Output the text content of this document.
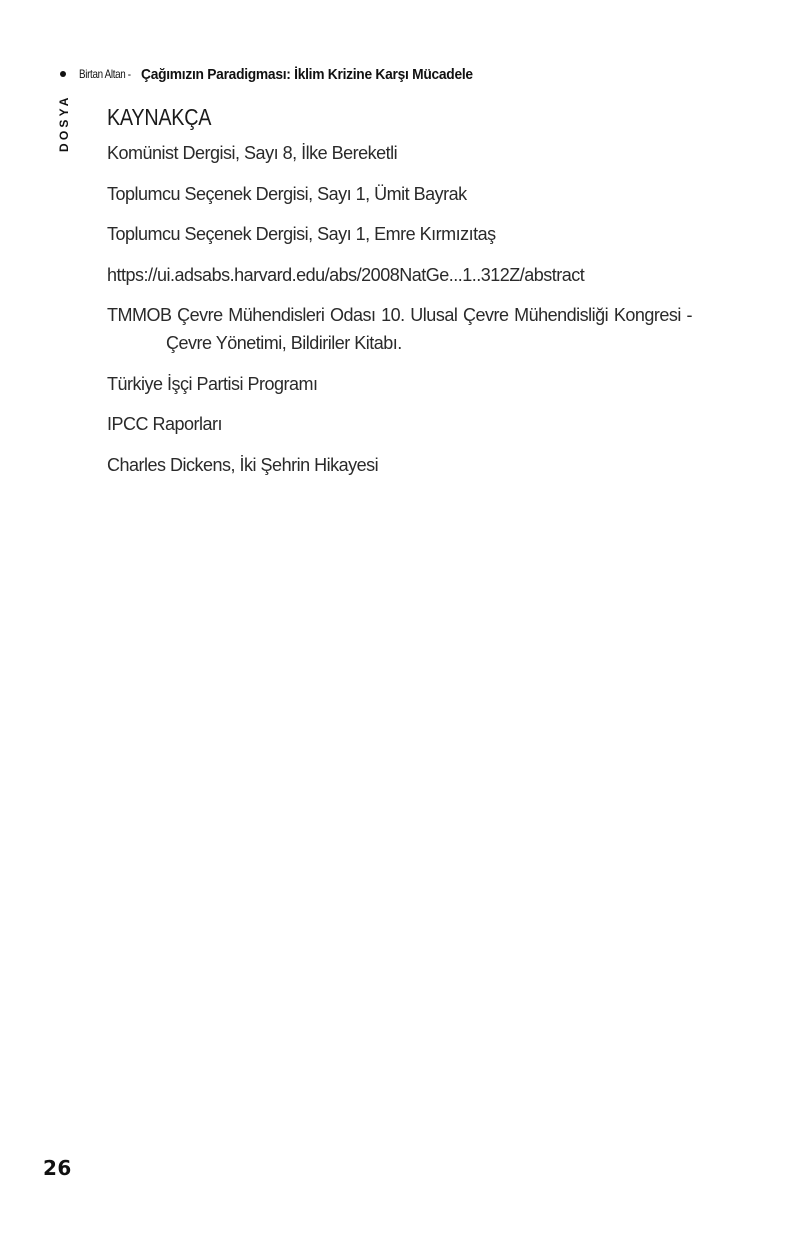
Birtan Altan - Çağımızın Paradigması: İklim Krizine Karşı Mücadele
DOSYA KAYNAKÇA
Komünist Dergisi, Sayı 8, İlke Bereketli
Toplumcu Seçenek Dergisi, Sayı 1, Ümit Bayrak
Toplumcu Seçenek Dergisi, Sayı 1, Emre Kırmızıtaş
https://ui.adsabs.harvard.edu/abs/2008NatGe...1..312Z/abstract
TMMOB Çevre Mühendisleri Odası 10. Ulusal Çevre Mühendisliği Kongresi - Çevre Yönetimi, Bildiriler Kitabı.
Türkiye İşçi Partisi Programı
IPCC Raporları
Charles Dickens, İki Şehrin Hikayesi
26
